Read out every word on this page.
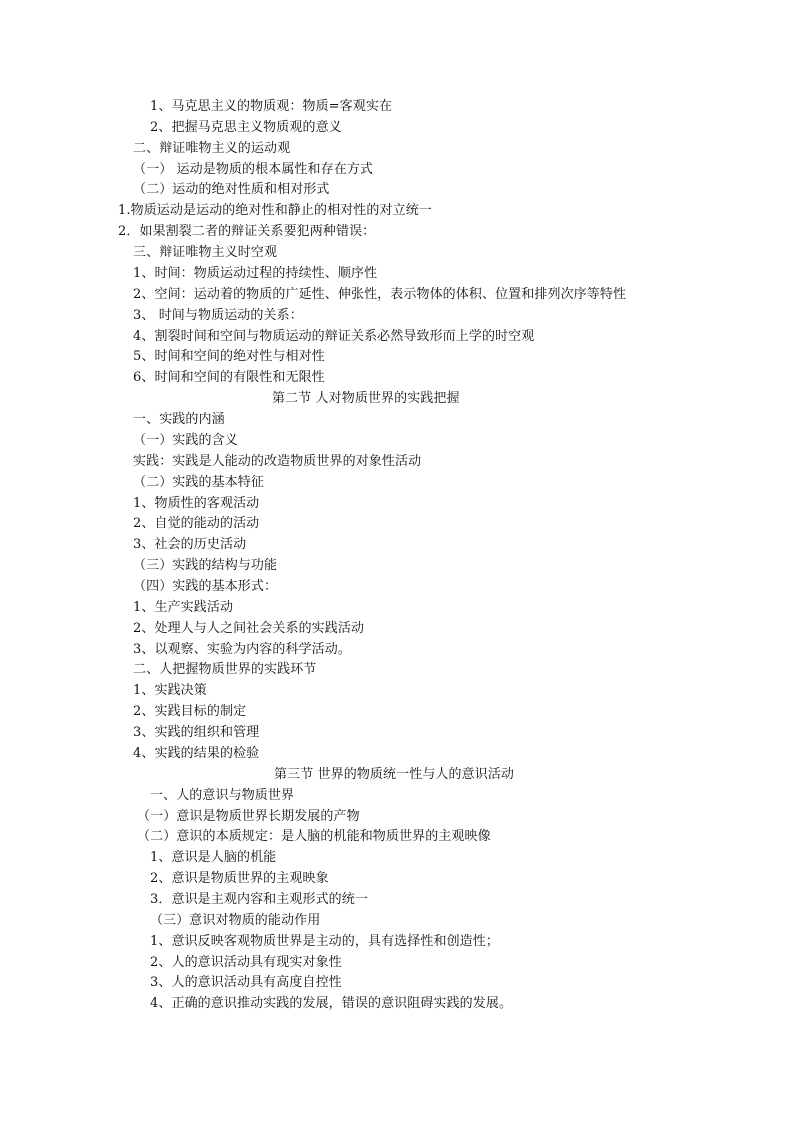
1、马克思主义的物质观：物质=客观实在
2、把握马克思主义物质观的意义
二、辩证唯物主义的运动观
（一） 运动是物质的根本属性和存在方式
（二）运动的绝对性质和相对形式
1.物质运动是运动的绝对性和静止的相对性的对立统一
2．如果割裂二者的辩证关系要犯两种错误：
三、辩证唯物主义时空观
1、时间：物质运动过程的持续性、顺序性
2、空间：运动着的物质的广延性、伸张性，表示物体的体积、位置和排列次序等特性
3、 时间与物质运动的关系：
4、割裂时间和空间与物质运动的辩证关系必然导致形而上学的时空观
5、时间和空间的绝对性与相对性
6、时间和空间的有限性和无限性
第二节 人对物质世界的实践把握
一、实践的内涵
（一）实践的含义
实践：实践是人能动的改造物质世界的对象性活动
（二）实践的基本特征
1、物质性的客观活动
2、自觉的能动的活动
3、社会的历史活动
（三）实践的结构与功能
（四）实践的基本形式：
1、生产实践活动
2、处理人与人之间社会关系的实践活动
3、以观察、实验为内容的科学活动。
二、人把握物质世界的实践环节
1、实践决策
2、实践目标的制定
3、实践的组织和管理
4、实践的结果的检验
第三节 世界的物质统一性与人的意识活动
一、人的意识与物质世界
（一）意识是物质世界长期发展的产物
（二）意识的本质规定：是人脑的机能和物质世界的主观映像
1、意识是人脑的机能
2、意识是物质世界的主观映象
3．意识是主观内容和主观形式的统一
（三）意识对物质的能动作用
1、意识反映客观物质世界是主动的，具有选择性和创造性；
2、人的意识活动具有现实对象性
3、人的意识活动具有高度自控性
4、正确的意识推动实践的发展，错误的意识阻碍实践的发展。
